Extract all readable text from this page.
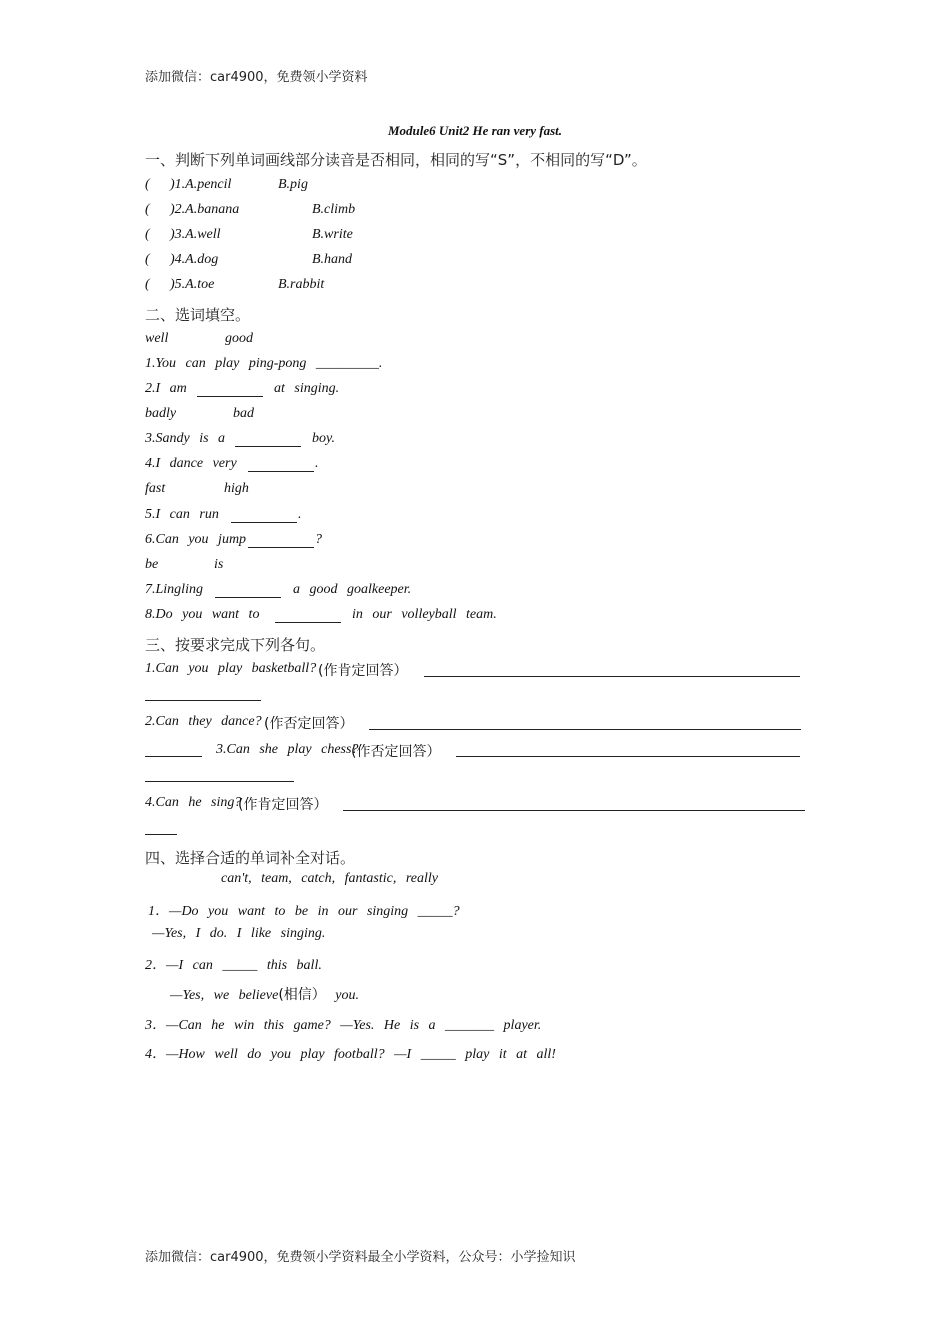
添加微信：car4900，免费领小学资料
添加微信：car4900，免费领小学资料最全小学资料，公众号：小学捡知识
Module6 Unit2 He ran very fast.
一、判断下列单词画线部分读音是否相同，相同的写“S”，不相同的写“D”。
( )1.A.pencil	B.pig
( )2.A.banana	B.climb
( )3.A.well	B.write
( )4.A.dog	B.hand
( )5.A.toe	B.rabbit
二、选词填空。
well	good
1.You can play ping-pong _________.
2.I am	at singing.
badly	bad
3.Sandy is a	boy.
4.I dance very	.
fast	high
5.I can run	.
6.Can you jump	?
be	is
7.Lingling	a good goalkeeper.
8.Do you want to	in our volleyball team.
三、按要求完成下列各句。
1.Can you play basketball? (作肯定回答）
2.Can they dance? (作否定回答）
3.Can she play chess?
(作否定回答）
4.Can he sing?
(作肯定回答）
四、选择合适的单词补全对话。
can't, team, catch, fantastic, really
1．—Do you want to be in our singing _____?
—Yes, I do. I like singing.
2．—I can _____ this ball.
—Yes, we believe(相信） you.
3．—Can he win this game? —Yes. He is a _______ player.
4．—How well do you play football? —I _____ play it at all!
